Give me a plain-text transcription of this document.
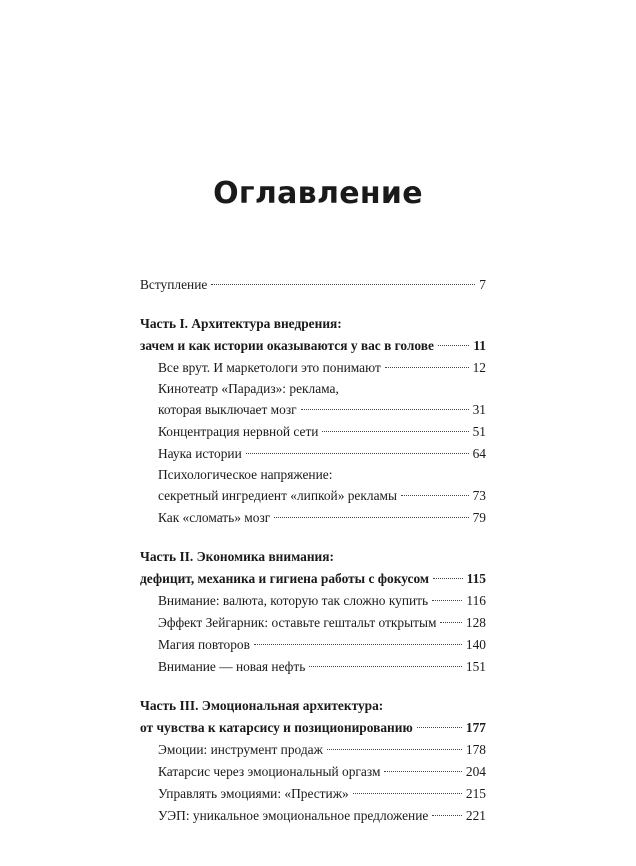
Оглавление
Вступление	7
Часть I. Архитектура внедрения:
зачем и как истории оказываются у вас в голове	11
Все врут. И маркетологи это понимают	12
Кинотеатр «Парадиз»: реклама,
которая выключает мозг	31
Концентрация нервной сети	51
Наука истории	64
Психологическое напряжение:
секретный ингредиент «липкой» рекламы	73
Как «сломать» мозг	79
Часть II. Экономика внимания:
дефицит, механика и гигиена работы с фокусом	115
Внимание: валюта, которую так сложно купить	116
Эффект Зейгарник: оставьте гештальт открытым 128
Магия повторов	140
Внимание — новая нефть	151
Часть III. Эмоциональная архитектура:
от чувства к катарсису и позиционированию	177
Эмоции: инструмент продаж	178
Катарсис через эмоциональный оргазм	204
Управлять эмоциями: «Престиж»	215
УЭП: уникальное эмоциональное предложение	221
